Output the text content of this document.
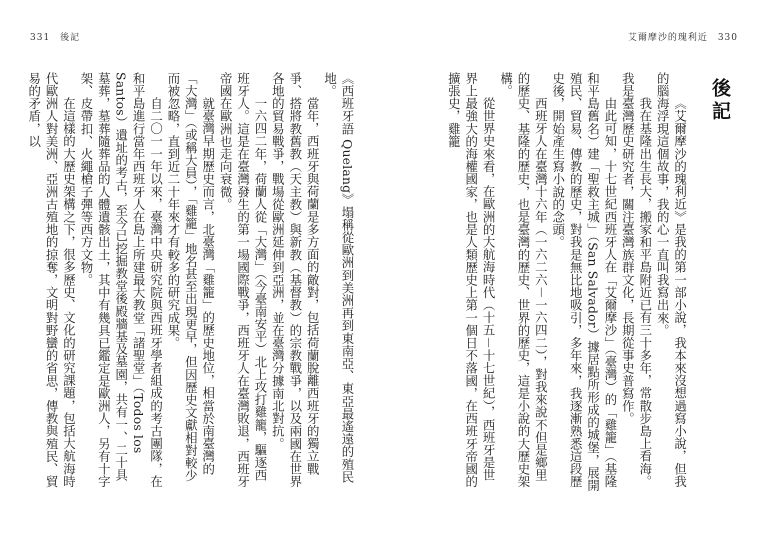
331　後記

《西班牙語 Quelang》塌稱從歐洲到美洲再到東南亞、東亞最遙遠的殖民地。

當年，西班牙與荷蘭是多方面的敵對，包括荷蘭脫離西班牙的獨立戰爭、搭將教舊教（天主教）與新教（基督教）的宗教戰爭，以及兩國在世界各地的貿易戰爭，戰場從歐洲延伸到亞洲，並在臺灣分據南北對抗。

一六四二年，荷蘭人從「大灣」（今臺南安平）北上攻打雞籠，驅逐西班牙人。這是在臺灣發生的第一場國際戰爭，西班牙人在臺灣敗退，西班牙帝國在歐洲也走向衰微。

就臺灣早期歷史而言，北臺灣「雞籠」的歷史地位，相當於南臺灣的「大灣」（或稱大員），「雞籠」地名甚至出現更早，但因歷史文獻相對較少而被忽略，直到近二十年來才有較多的研究成果。

自二〇一一年以來，臺灣中央研究院與西班牙學者組成的考古團隊，在和平島進行當年西班牙人在島上所建最大教堂「諸聖堂」（Todos los Santos）遺址的考古，至今已挖掘教堂後殿牆基及墓園，共有一、二十具墓葬，墓葬隨葬品的人體遺骸出土，其中有幾具已鑑定是歐洲人，另有十字架、皮帶扣、火繩槍子彈等西方文物。

在這樣的大歷史架構之下，很多歷史、文化的研究課題，包括大航海時代歐洲人對美洲、亞洲古殖地的掠奪，文明對野蠻的省思，傳教與殖民、貿易的矛盾，以

艾爾摩沙的瑰利近　330
後記

《艾爾摩沙的瑰利近》是我的第一部小說，我本來沒想過寫小說，但我的腦海浮現這個故事，我的心一直叫我寫出來。

我在基隆出生長大，搬家和平島附近已有三十多年，常散步島上看海。我是臺灣歷史研究者，關注臺灣族群文化，長期從事史普寫作。

由此可知，十七世紀西班牙人在「艾爾摩沙」（臺灣）的「雞籠」（基隆和平島舊名）建「聖救主城」（San Salvador）據居點所形成的城堡，展開殖民、貿易、傳教的歷史，對我是無比地吸引，多年來，我逐漸熟悉這段歷史後，開始產生寫小說的念頭。

西班牙人在臺灣十六年（一六二六－一六四二），對我來說不但是鄉里的歷史、基隆的歷史，也是臺灣的歷史、世界的歷史，這是小說的大歷史架構。

從世界史來看，在歐洲的大航海時代（十五－十七世紀），西班牙是世界上最強大的海權國家，也是人類歷史上第一個日不落國，在西班牙帝國的擴張史，雞籠
